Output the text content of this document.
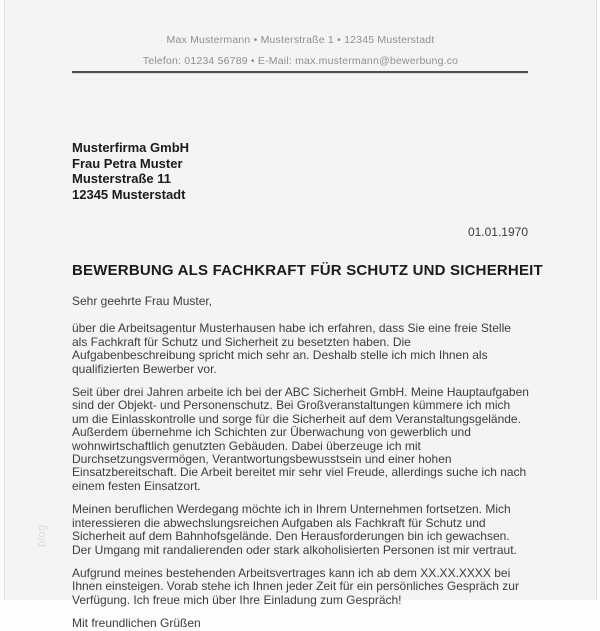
Max Mustermann • Musterstraße 1 • 12345 Musterstadt
Telefon: 01234 56789 • E-Mail: max.mustermann@bewerbung.co
Musterfirma GmbH
Frau Petra Muster
Musterstraße 11
12345 Musterstadt
01.01.1970
BEWERBUNG ALS FACHKRAFT FÜR SCHUTZ UND SICHERHEIT

Sehr geehrte Frau Muster,

über die Arbeitsagentur Musterhausen habe ich erfahren, dass Sie eine freie Stelle als Fachkraft für Schutz und Sicherheit zu besetzten haben. Die Aufgabenbeschreibung spricht mich sehr an. Deshalb stelle ich mich Ihnen als qualifizierten Bewerber vor.

Seit über drei Jahren arbeite ich bei der ABC Sicherheit GmbH. Meine Hauptaufgaben sind der Objekt- und Personenschutz. Bei Großveranstaltungen kümmere ich mich um die Einlasskontrolle und sorge für die Sicherheit auf dem Veranstaltungsgelände. Außerdem übernehme ich Schichten zur Überwachung von gewerblich und wohnwirtschaftlich genutzten Gebäuden. Dabei überzeuge ich mit Durchsetzungsvermögen, Verantwortungsbewusstsein und einer hohen Einsatzbereitschaft. Die Arbeit bereitet mir sehr viel Freude, allerdings suche ich nach einem festen Einsatzort.

Meinen beruflichen Werdegang möchte ich in Ihrem Unternehmen fortsetzen. Mich interessieren die abwechslungsreichen Aufgaben als Fachkraft für Schutz und Sicherheit auf dem Bahnhofsgelände. Den Herausforderungen bin ich gewachsen. Der Umgang mit randalierenden oder stark alkoholisierten Personen ist mir vertraut.

Aufgrund meines bestehenden Arbeitsvertrages kann ich ab dem XX.XX.XXXX bei Ihnen einsteigen. Vorab stehe ich Ihnen jeder Zeit für ein persönliches Gespräch zur Verfügung. Ich freue mich über Ihre Einladung zum Gespräch!

Mit freundlichen Grüßen

blog
